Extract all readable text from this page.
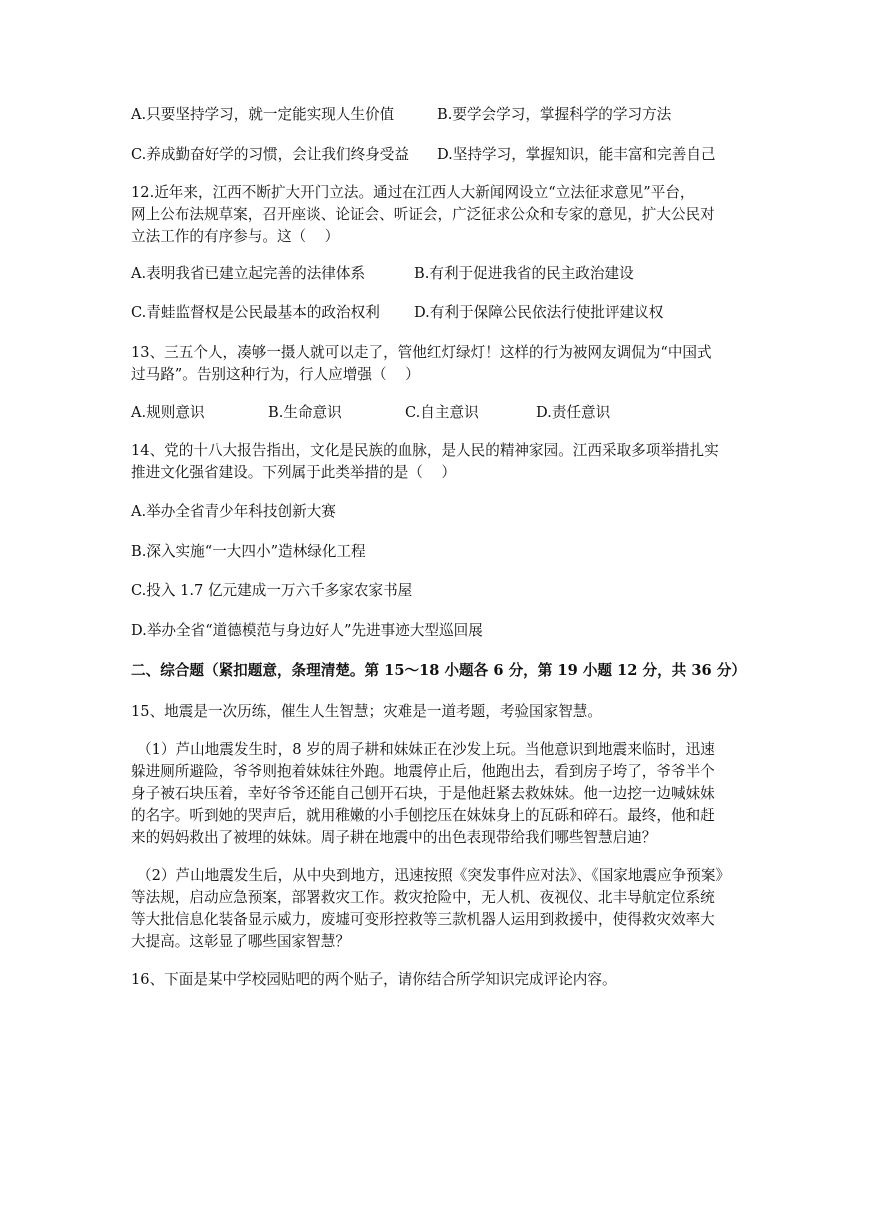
A.只要坚持学习，就一定能实现人生价值	B.要学会学习，掌握科学的学习方法
C.养成勤奋好学的习惯，会让我们终身受益 D.坚持学习，掌握知识，能丰富和完善自己
12.近年来，江西不断扩大开门立法。通过在江西人大新闻网设立“立法征求意见”平台，
网上公布法规草案，召开座谈、论证会、听证会，广泛征求公众和专家的意见，扩大公民对
立法工作的有序参与。这（    ）
A.表明我省已建立起完善的法律体系	B.有利于促进我省的民主政治建设
C.青蛙监督权是公民最基本的政治权利 D.有利于保障公民依法行使批评建议权
13、三五个人，凑够一摄人就可以走了，管他红灯绿灯！这样的行为被网友调侃为“中国式
过马路”。告别这种行为，行人应增强（    ）
A.规则意识	B.生命意识	C.自主意识	D.责任意识
14、党的十八大报告指出，文化是民族的血脉，是人民的精神家园。江西采取多项举措扎实
推进文化强省建设。下列属于此类举措的是（    ）
A.举办全省青少年科技创新大赛
B.深入实施“一大四小”造林绿化工程
C.投入 1.7 亿元建成一万六千多家农家书屋
D.举办全省“道德模范与身边好人”先进事迹大型巡回展
二、综合题（紧扣题意，条理清楚。第 15～18 小题各 6 分，第 19 小题 12 分，共 36 分）
15、地震是一次历练，催生人生智慧；灾难是一道考题，考验国家智慧。
（1）芦山地震发生时，8 岁的周子耕和妹妹正在沙发上玩。当他意识到地震来临时，迅速
躲进厕所避险，爷爷则抱着妹妹往外跑。地震停止后，他跑出去，看到房子垮了，爷爷半个
身子被石块压着，幸好爷爷还能自己刨开石块，于是他赶紧去救妹妹。他一边挖一边喊妹妹
的名字。听到她的哭声后，就用稚嫩的小手刨挖压在妹妹身上的瓦砾和碎石。最终，他和赶
来的妈妈救出了被埋的妹妹。周子耕在地震中的出色表现带给我们哪些智慧启迪？
（2）芦山地震发生后，从中央到地方，迅速按照《突发事件应对法》、《国家地震应争预案》
等法规，启动应急预案，部署救灾工作。救灾抢险中，无人机、夜视仪、北丰导航定位系统
等大批信息化装备显示威力，废墟可变形控救等三款机器人运用到救援中，使得救灾效率大
大提高。这彰显了哪些国家智慧？
16、下面是某中学校园贴吧的两个贴子，请你结合所学知识完成评论内容。
